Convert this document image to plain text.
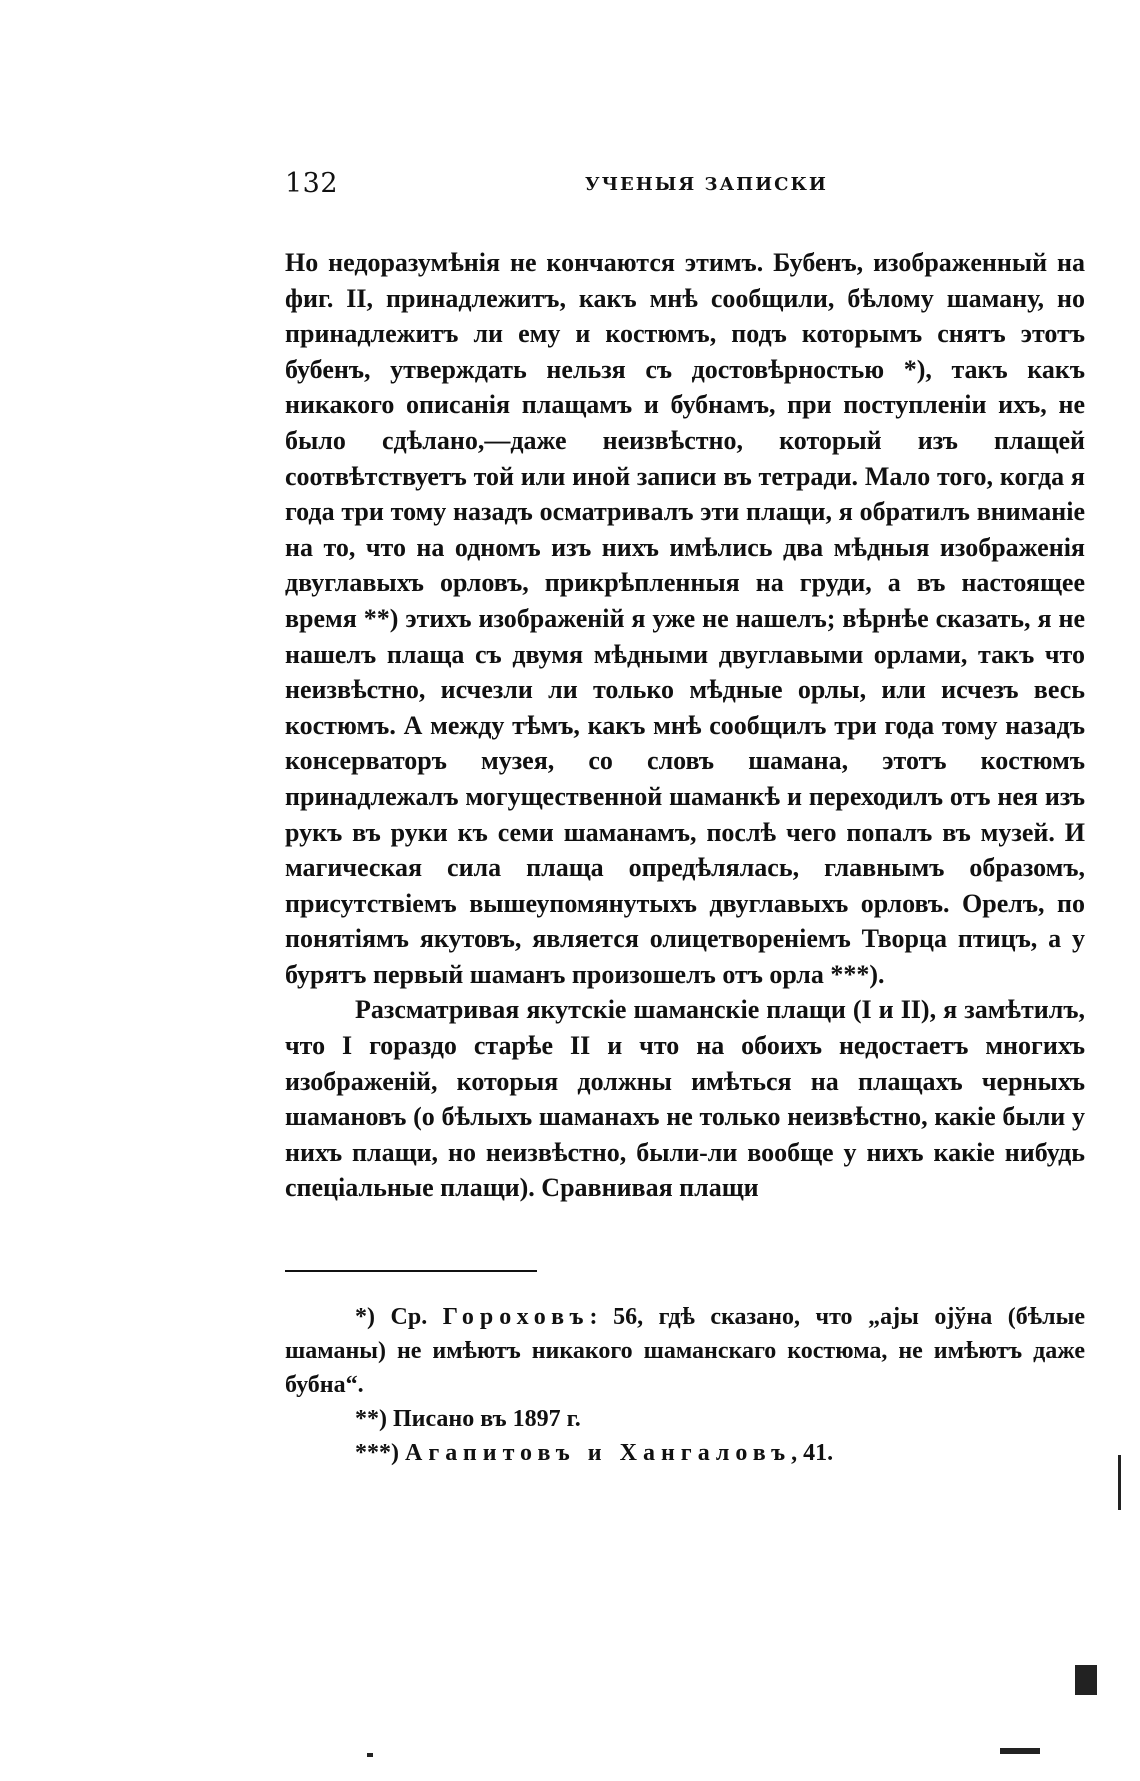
132	УЧЕНЫЯ ЗАПИСКИ

Но недоразумѣнія не кончаются этимъ. Бубенъ, изображенный на фиг. II, принадлежитъ, какъ мнѣ сообщили, бѣлому шаману, но принадлежитъ ли ему и костюмъ, подъ которымъ снятъ этотъ бубенъ, утверждать нельзя съ достовѣрностью *), такъ какъ никакого описанія плащамъ и бубнамъ, при поступленіи ихъ, не было сдѣлано,—даже неизвѣстно, который изъ плащей соотвѣтствуетъ той или иной записи въ тетради. Мало того, когда я года три тому назадъ осматривалъ эти плащи, я обратилъ вниманіе на то, что на одномъ изъ нихъ имѣлись два мѣдныя изображенія двуглавыхъ орловъ, прикрѣпленныя на груди, а въ настоящее время **) этихъ изображеній я уже не нашелъ; вѣрнѣе сказать, я не нашелъ плаща съ двумя мѣдными двуглавыми орлами, такъ что неизвѣстно, исчезли ли только мѣдные орлы, или исчезъ весь костюмъ. А между тѣмъ, какъ мнѣ сообщилъ три года тому назадъ консерваторъ музея, со словъ шамана, этотъ костюмъ принадлежалъ могущественной шаманкѣ и переходилъ отъ нея изъ рукъ въ руки къ семи шаманамъ, послѣ чего попалъ въ музей. И магическая сила плаща опредѣлялась, главнымъ образомъ, присутствіемъ вышеупомянутыхъ двуглавыхъ орловъ. Орелъ, по понятіямъ якутовъ, является олицетвореніемъ Творца птицъ, а у бурятъ первый шаманъ произошелъ отъ орла ***).

Разсматривая якутскіе шаманскіе плащи (I и II), я замѣтилъ, что I гораздо старѣе II и что на обоихъ недостаетъ многихъ изображеній, которыя должны имѣться на плащахъ черныхъ шамановъ (о бѣлыхъ шаманахъ не только неизвѣстно, какіе были у нихъ плащи, но неизвѣстно, были-ли вообще у нихъ какіе нибудь спеціальные плащи). Сравнивая плащи

*) Ср. Гороховъ: 56, гдѣ сказано, что „ајы ојўна (бѣлые шаманы) не имѣютъ никакого шаманскаго костюма, не имѣютъ даже бубна“.

**) Писано въ 1897 г.

***) Агапитовъ и Хангаловъ, 41.
